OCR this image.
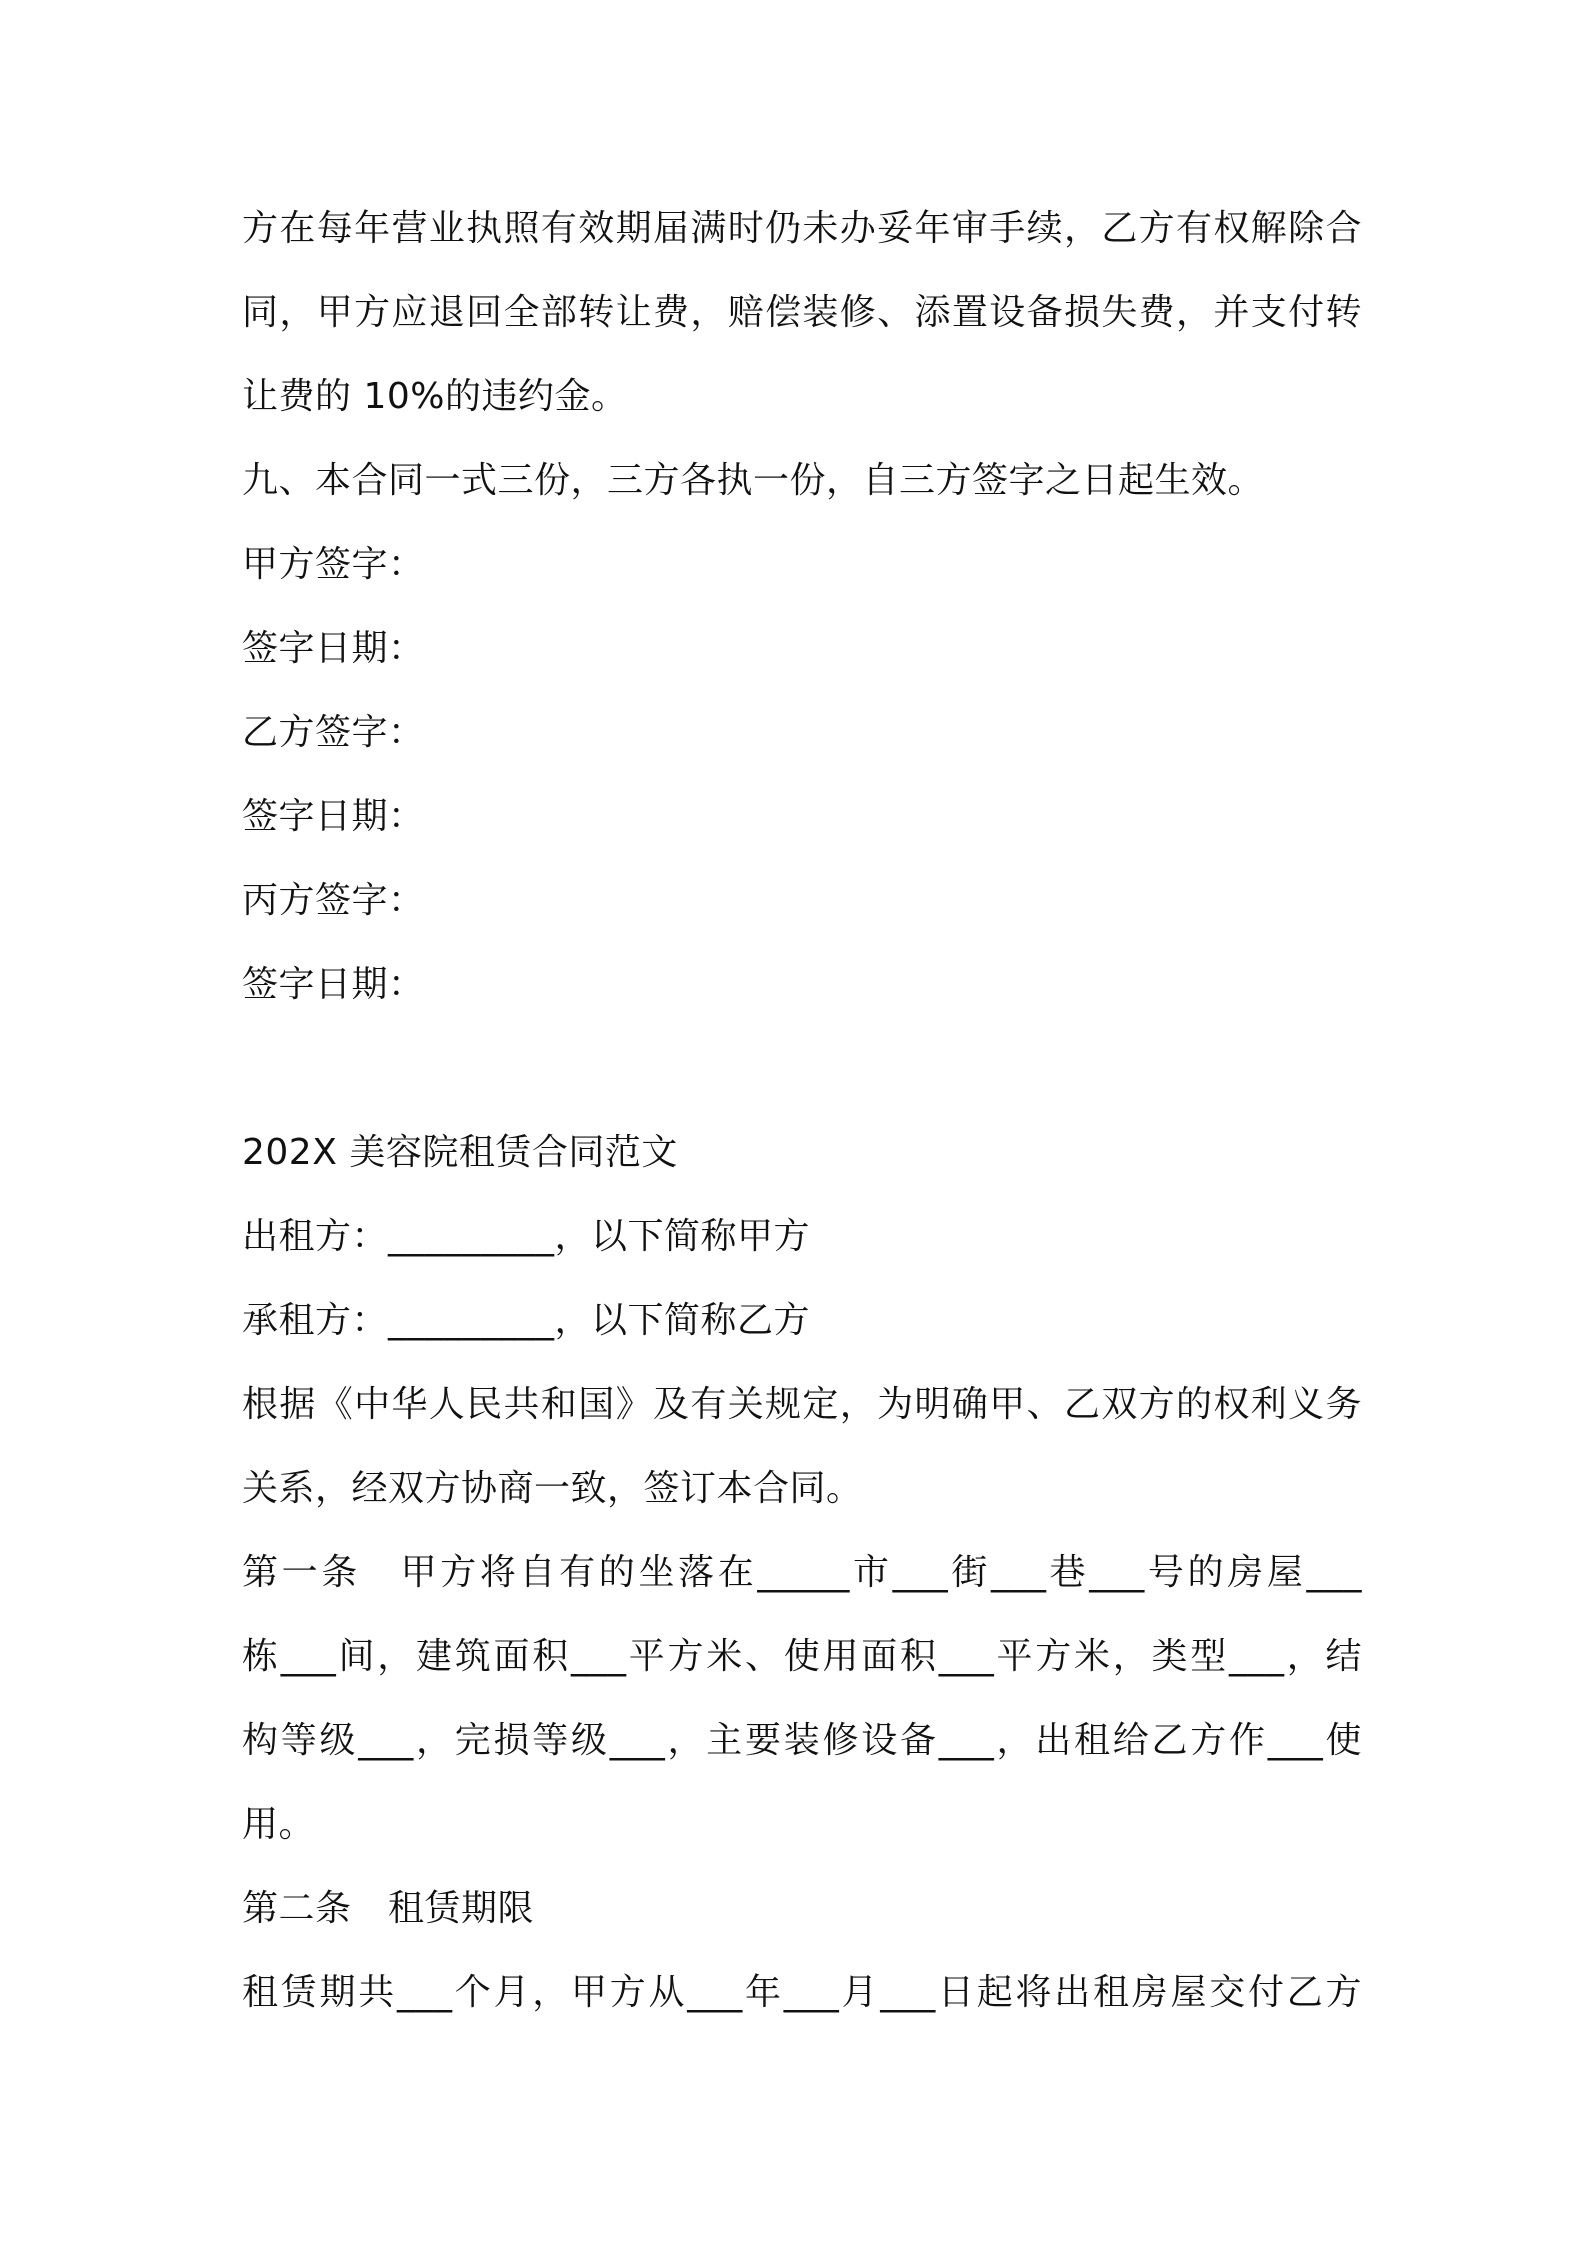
方在每年营业执照有效期届满时仍未办妥年审手续，乙方有权解除合
同，甲方应退回全部转让费，赔偿装修、添置设备损失费，并支付转
让费的 10%的违约金。
九、本合同一式三份，三方各执一份，自三方签字之日起生效。
甲方签字：
签字日期：
乙方签字：
签字日期：
丙方签字：
签字日期：
202X 美容院租赁合同范文
出租方：_________，以下简称甲方
承租方：_________，以下简称乙方
根据《中华人民共和国》及有关规定，为明确甲、乙双方的权利义务
关系，经双方协商一致，签订本合同。
第一条　甲方将自有的坐落在_____市___街___巷___号的房屋___
栋___间，建筑面积___平方米、使用面积___平方米，类型___，结
构等级___，完损等级___，主要装修设备___，出租给乙方作___使
用。
第二条　租赁期限
租赁期共___个月，甲方从___年___月___日起将出租房屋交付乙方
